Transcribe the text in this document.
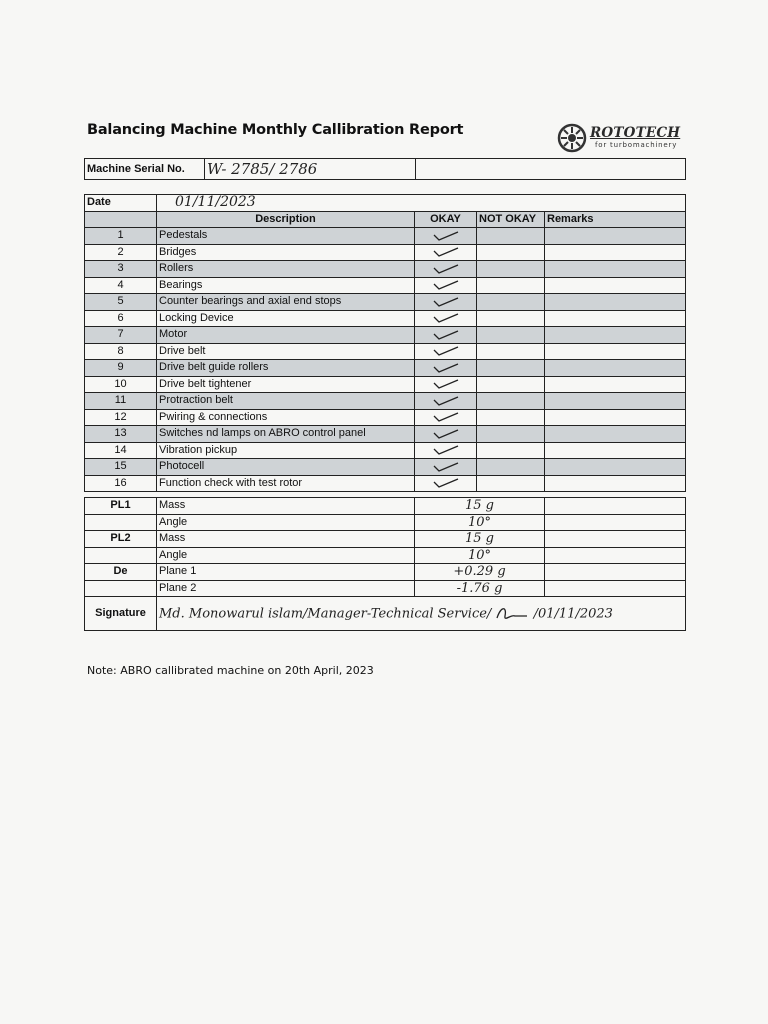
Balancing Machine Monthly Callibration Report	ROTOTECH
for turbomachinery
Machine Serial No.	W- 2785/ 2786	
Date	01/11/2023			
	Description	OKAY	NOT OKAY	Remarks
1	Pedestals			
2	Bridges			
3	Rollers			
4	Bearings			
5	Counter bearings and axial end stops			
6	Locking Device			
7	Motor			
8	Drive belt			
9	Drive belt guide rollers			
10	Drive belt tightener			
11	Protraction belt			
12	Pwiring & connections			
13	Switches nd lamps on ABRO control panel			
14	Vibration pickup			
15	Photocell			
16	Function check with test rotor			
PL1	Mass	15 g	
	Angle	10°	
PL2	Mass	15 g	
	Angle	10°	
De	Plane 1	+0.29 g	
	Plane 2	-1.76 g	
Signature	Md. Monowarul islam/Manager-Technical Service/ /01/11/2023		
Note: ABRO callibrated machine on 20th April, 2023
